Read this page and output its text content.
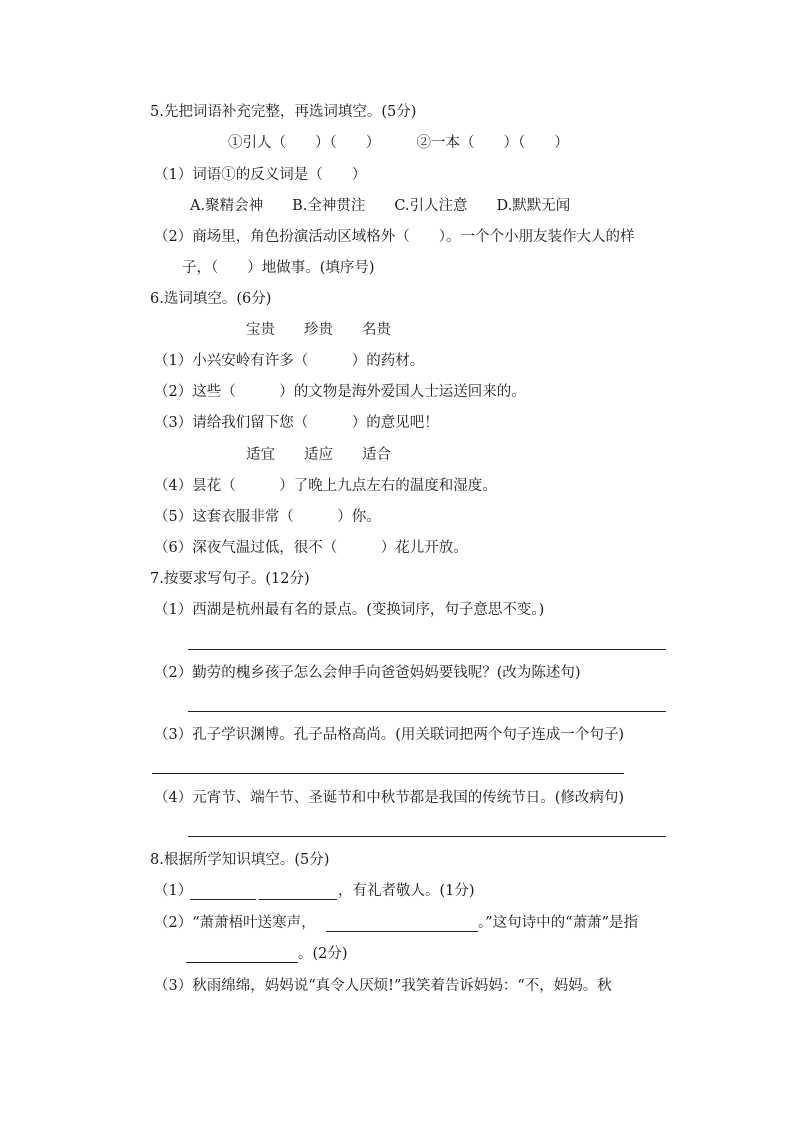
5.先把词语补充完整，再选词填空。(5分)
①引人（　　）（　　）　　　②一本（　　）（　　）
（1）词语①的反义词是（　　）
A.聚精会神　　B.全神贯注　　C.引人注意　　D.默默无闻
（2）商场里，角色扮演活动区域格外（　　）。一个个小朋友装作大人的样
子，（　　）地做事。(填序号)
6.选词填空。(6分)
宝贵　　珍贵　　名贵
（1）小兴安岭有许多（　　　）的药材。
（2）这些（　　　）的文物是海外爱国人士运送回来的。
（3）请给我们留下您（　　　）的意见吧！
适宜　　适应　　适合
（4）昙花（　　　）了晚上九点左右的温度和湿度。
（5）这套衣服非常（　　　）你。
（6）深夜气温过低，很不（　　　）花儿开放。
7.按要求写句子。(12分)
（1）西湖是杭州最有名的景点。(变换词序，句子意思不变。)
（2）勤劳的槐乡孩子怎么会伸手向爸爸妈妈要钱呢？(改为陈述句)
（3）孔子学识渊博。孔子品格高尚。(用关联词把两个句子连成一个句子)
（4）元宵节、端午节、圣诞节和中秋节都是我国的传统节日。(修改病句)
8.根据所学知识填空。(5分)
（1）	，有礼者敬人。(1分)
（2）“萧萧梧叶送寒声，	。”这句诗中的“萧萧”是指
。(2分)
（3）秋雨绵绵，妈妈说“真令人厌烦!”我笑着告诉妈妈：“不，妈妈。秋
